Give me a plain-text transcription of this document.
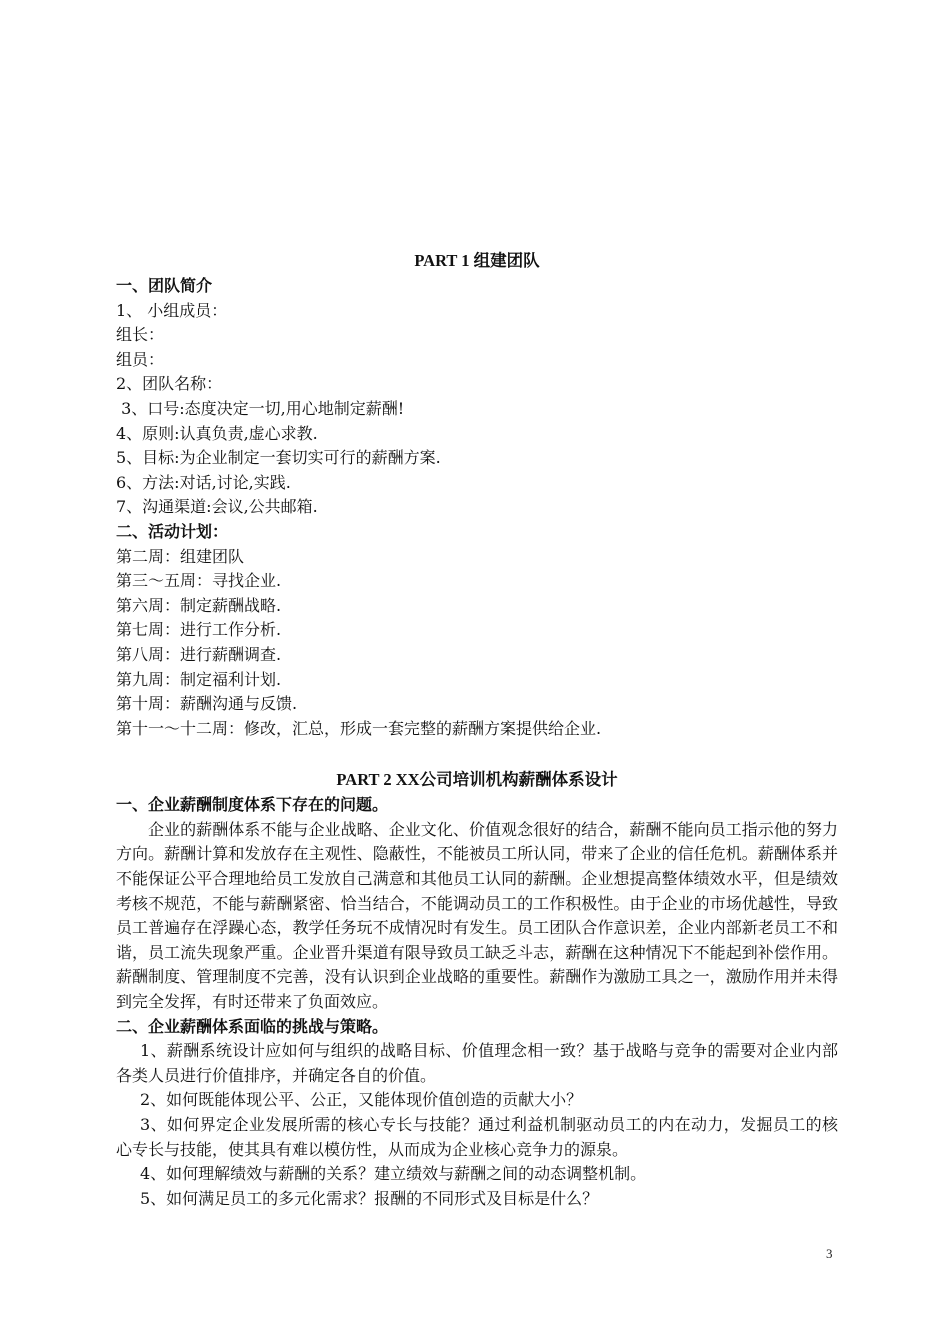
PART 1 组建团队
一、团队简介
1、 小组成员：
组长：
组员：
2、团队名称：
3、口号:态度决定一切,用心地制定薪酬!
4、原则:认真负责,虚心求教.
5、目标:为企业制定一套切实可行的薪酬方案.
6、方法:对话,讨论,实践.
7、沟通渠道:会议,公共邮箱.
二、活动计划：
第二周：组建团队
第三～五周：寻找企业.
第六周：制定薪酬战略.
第七周：进行工作分析.
第八周：进行薪酬调查.
第九周：制定福利计划.
第十周：薪酬沟通与反馈.
第十一～十二周：修改，汇总，形成一套完整的薪酬方案提供给企业.
PART 2 XX公司培训机构薪酬体系设计
一、企业薪酬制度体系下存在的问题。
企业的薪酬体系不能与企业战略、企业文化、价值观念很好的结合，薪酬不能向员工指示他的努力方向。薪酬计算和发放存在主观性、隐蔽性，不能被员工所认同，带来了企业的信任危机。薪酬体系并不能保证公平合理地给员工发放自己满意和其他员工认同的薪酬。企业想提高整体绩效水平，但是绩效考核不规范，不能与薪酬紧密、恰当结合，不能调动员工的工作积极性。由于企业的市场优越性，导致员工普遍存在浮躁心态，教学任务玩不成情况时有发生。员工团队合作意识差，企业内部新老员工不和谐，员工流失现象严重。企业晋升渠道有限导致员工缺乏斗志，薪酬在这种情况下不能起到补偿作用。薪酬制度、管理制度不完善，没有认识到企业战略的重要性。薪酬作为激励工具之一，激励作用并未得到完全发挥，有时还带来了负面效应。
二、企业薪酬体系面临的挑战与策略。
1、薪酬系统设计应如何与组织的战略目标、价值理念相一致？基于战略与竞争的需要对企业内部各类人员进行价值排序，并确定各自的价值。
2、如何既能体现公平、公正，又能体现价值创造的贡献大小？
3、如何界定企业发展所需的核心专长与技能？通过利益机制驱动员工的内在动力，发掘员工的核心专长与技能，使其具有难以模仿性，从而成为企业核心竞争力的源泉。
4、如何理解绩效与薪酬的关系？建立绩效与薪酬之间的动态调整机制。
5、如何满足员工的多元化需求？报酬的不同形式及目标是什么？
3
